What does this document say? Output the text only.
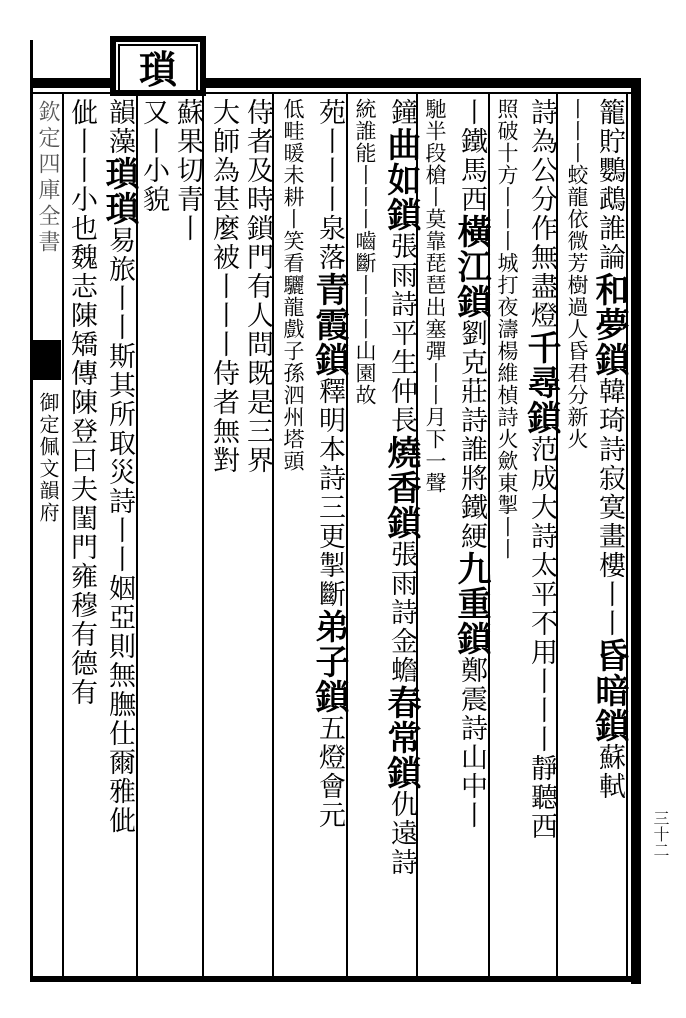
瑣
欽定四庫全書
御定佩文韻府
三十二
籠貯鸚鵡誰論和夢鎖韓琦詩寂寞畫樓丨丨昏暗鎖蘇軾
丨丨丨蛟龍依微芳樹過人昏君分新火
詩為公分作無盡燈千尋鎖范成大詩太平不用丨丨丨靜聽西
照破十方丨丨丨城打夜濤楊維楨詩火歛東掣丨丨
丨鐵馬西橫江鎖劉克莊詩誰將鐵綆九重鎖鄭震詩山中丨
馳半段槍丨莫靠琵琶出塞彈丨丨月下一聲
鐘曲如鎖張雨詩平生仲長燒香鎖張雨詩金蟾春常鎖仇遠詩
統誰能丨丨丨嚙斷丨丨丨山園故
苑丨丨丨泉落青霞鎖釋明本詩三更掣斷弟子鎖五燈會元
低畦暖未耕丨笑看驪龍戲子孫泗州塔頭
侍者及時鎖門有人問既是三界
大師為甚麼被丨丨丨侍者無對
蘇果切青丨
又丨小貌
韻藻瑣瑣易旅丨丨斯其所取災詩丨丨姻亞則無膴仕爾雅佌
佌丨丨小也魏志陳矯傳陳登曰夫閨門雍穆有德有
